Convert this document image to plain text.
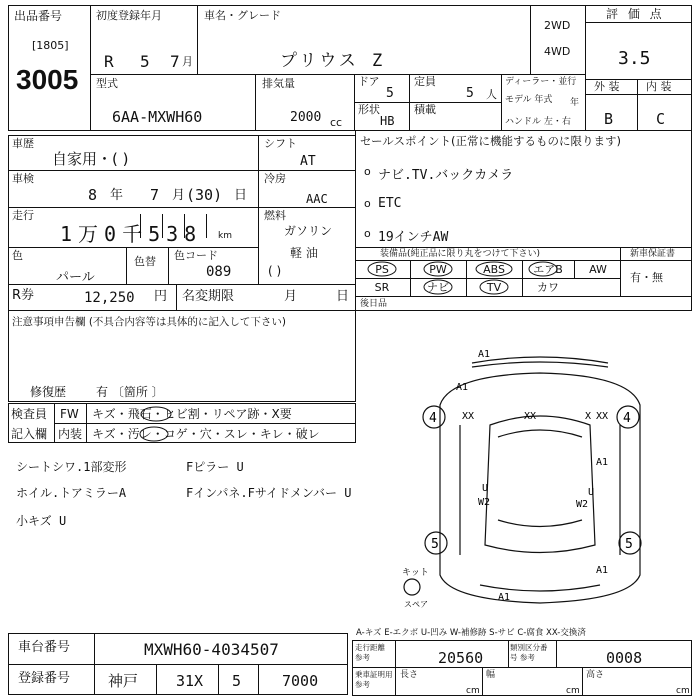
出品番号
[1805]
3005
初度登録年月
R 5 7 月
車名・グレード
プリウス Z
2WD
4WD
評 価 点
3.5
型式
6AA-MXWH60
排気量
2000 cc
ドア
5
定員
5 人
形状
HB
積載
ディーラー・並行
モデル 年式 年
ハンドル 左・右
外 装 内 装
B	C
車歴
自家用・( )
シフト
AT
車検
8 年 7 月 (30) 日
冷房
AAC
走行
1万0千538 km
燃料
ガソリン
軽 油
( )
色
パール
色替 色コード
089
R券	12,250 円 名変期限	月	日
注意事項申告欄 (不具合内容等は具体的に記入して下さい)
修復歴 有 〔箇所 〕
セールスポイント(正常に機能するものに限ります)
o ナビ.TV.バックカメラ
o ETC
o 19インチAW
装備品(純正品に限り丸をつけて下さい)	新車保証書
有・無
PS	PW	ABS	エアB	AW
SR	ナビ	TV	カワ
後日品
検査員
記入欄
FW キズ・飛石・ヒビ割・リペア跡・X要
内装 キズ・汚レ・コゲ・穴・スレ・キレ・破レ
シートシワ.1部変形	Fピラー U
ホイル.トアミラーA	Fインパネ.Fサイドメンバー U
小キズ U
4	4
5	5
A1
A1
XX	XX	X XX
A1
W2
U
W2
U
A1
A1
キット
スペア
A-キズ E-エクボ U-凹み W-補修跡 S-サビ C-腐食 XX-交換済
車台番号	MXWH60-4034507
登録番号	神戸	31X 5	7000
走行距離 参考	20560
類別区分番号 参考	0008
乗車証明用 参考
長さ
cm
幅
cm
高さ
cm
